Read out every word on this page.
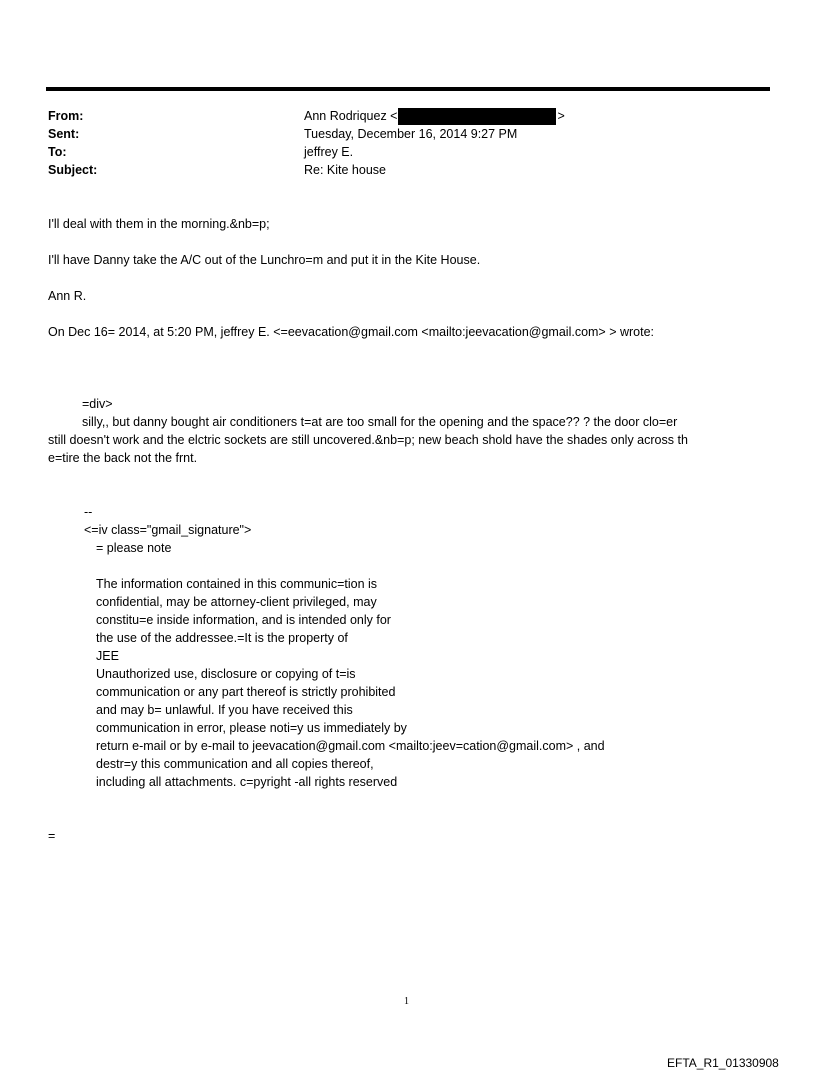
From:	Ann Rodriquez <	>
Sent:	Tuesday, December 16, 2014 9:27 PM
To:	jeffrey E.
Subject:	Re: Kite house
I'll deal with them in the morning.&nb=p;
I'll have Danny take the A/C out of the Lunchro=m and put it in the Kite House.
Ann R.
On Dec 16= 2014, at 5:20 PM, jeffrey E. <=eevacation@gmail.com <mailto:jeevacation@gmail.com> > wrote:
=div>
silly,, but danny bought air conditioners t=at are too small for the opening and the space?? ? the door clo=er
still doesn't work and the elctric sockets are still uncovered.&nb=p; new beach shold have the shades only across th
e=tire the back not the frnt.
--
<=iv class="gmail_signature">
= please note
The information contained in this communic=tion is
confidential, may be attorney-client privileged, may
constitu=e inside information, and is intended only for
the use of the addressee.=It is the property of
JEE
Unauthorized use, disclosure or copying of t=is
communication or any part thereof is strictly prohibited
and may b= unlawful. If you have received this
communication in error, please noti=y us immediately by
return e-mail or by e-mail to jeevacation@gmail.com <mailto:jeev=cation@gmail.com> , and
destr=y this communication and all copies thereof,
including all attachments. c=pyright -all rights reserved
=
1
EFTA_R1_01330908
